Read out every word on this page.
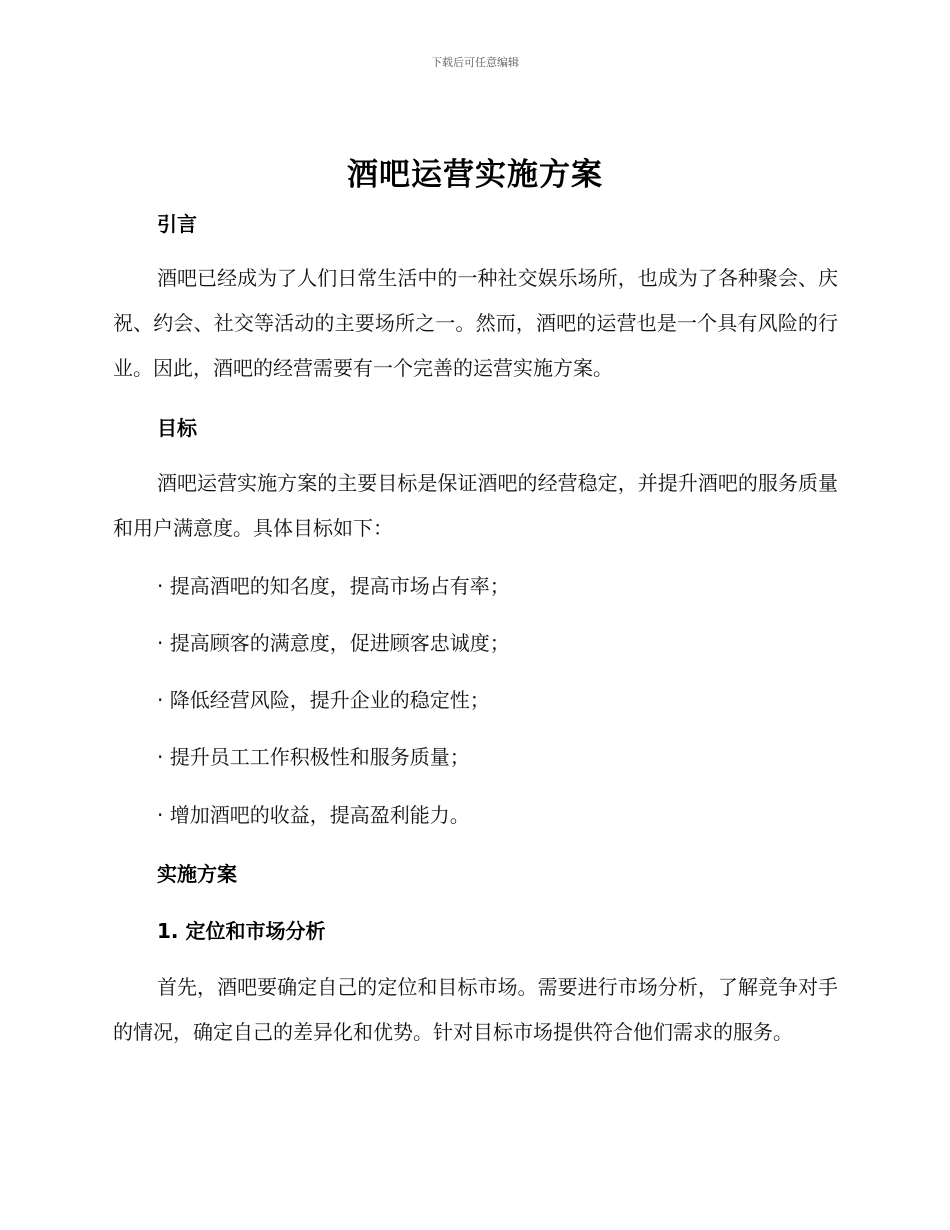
下载后可任意编辑
酒吧运营实施方案
引言

酒吧已经成为了人们日常生活中的一种社交娱乐场所，也成为了各种聚会、庆祝、约会、社交等活动的主要场所之一。然而，酒吧的运营也是一个具有风险的行业。因此，酒吧的经营需要有一个完善的运营实施方案。

目标

酒吧运营实施方案的主要目标是保证酒吧的经营稳定，并提升酒吧的服务质量和用户满意度。具体目标如下：

· 提高酒吧的知名度，提高市场占有率；
· 提高顾客的满意度，促进顾客忠诚度；
· 降低经营风险，提升企业的稳定性；
· 提升员工工作积极性和服务质量；
· 增加酒吧的收益，提高盈利能力。
实施方案
1. 定位和市场分析

首先，酒吧要确定自己的定位和目标市场。需要进行市场分析，了解竞争对手的情况，确定自己的差异化和优势。针对目标市场提供符合他们需求的服务。
